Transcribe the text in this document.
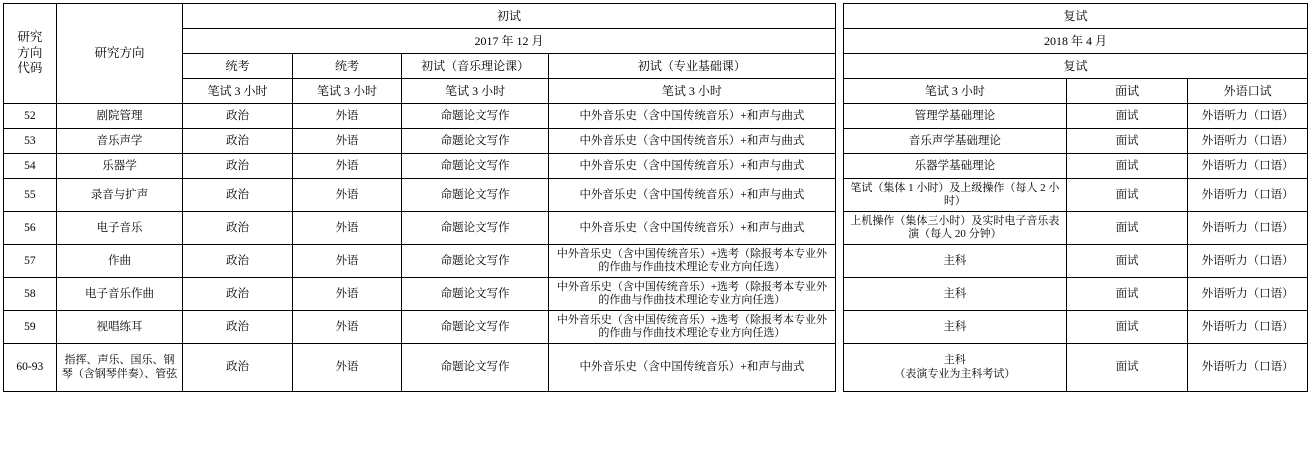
研究
方向
代码	研究方向	初试					复试		
		2017 年 12 月					2018 年 4 月		
		统考	统考	初试（音乐理论课）	初试（专业基础课）		复试		
		笔试 3 小时	笔试 3 小时	笔试 3 小时	笔试 3 小时		笔试 3 小时	面试	外语口试
52	剧院管理	政治	外语	命题论文写作	中外音乐史（含中国传统音乐）+和声与曲式		管理学基础理论	面试	外语听力（口语）
53	音乐声学	政治	外语	命题论文写作	中外音乐史（含中国传统音乐）+和声与曲式		音乐声学基础理论	面试	外语听力（口语）
54	乐器学	政治	外语	命题论文写作	中外音乐史（含中国传统音乐）+和声与曲式		乐器学基础理论	面试	外语听力（口语）
55	录音与扩声	政治	外语	命题论文写作	中外音乐史（含中国传统音乐）+和声与曲式		笔试（集体 1 小时）及上级操作（每人 2 小时）	面试	外语听力（口语）
56	电子音乐	政治	外语	命题论文写作	中外音乐史（含中国传统音乐）+和声与曲式		上机操作（集体三小时）及实时电子音乐表演（每人 20 分钟）	面试	外语听力（口语）
57	作曲	政治	外语	命题论文写作	中外音乐史（含中国传统音乐）+选考（除报考本专业外的作曲与作曲技术理论专业方向任选）		主科	面试	外语听力（口语）
58	电子音乐作曲	政治	外语	命题论文写作	中外音乐史（含中国传统音乐）+选考（除报考本专业外的作曲与作曲技术理论专业方向任选）		主科	面试	外语听力（口语）
59	视唱练耳	政治	外语	命题论文写作	中外音乐史（含中国传统音乐）+选考（除报考本专业外的作曲与作曲技术理论专业方向任选）		主科	面试	外语听力（口语）
60-93	指挥、声乐、国乐、钢琴（含钢琴伴奏）、管弦	政治	外语	命题论文写作	中外音乐史（含中国传统音乐）+和声与曲式		主科
（表演专业为主科考试）	面试	外语听力（口语）
